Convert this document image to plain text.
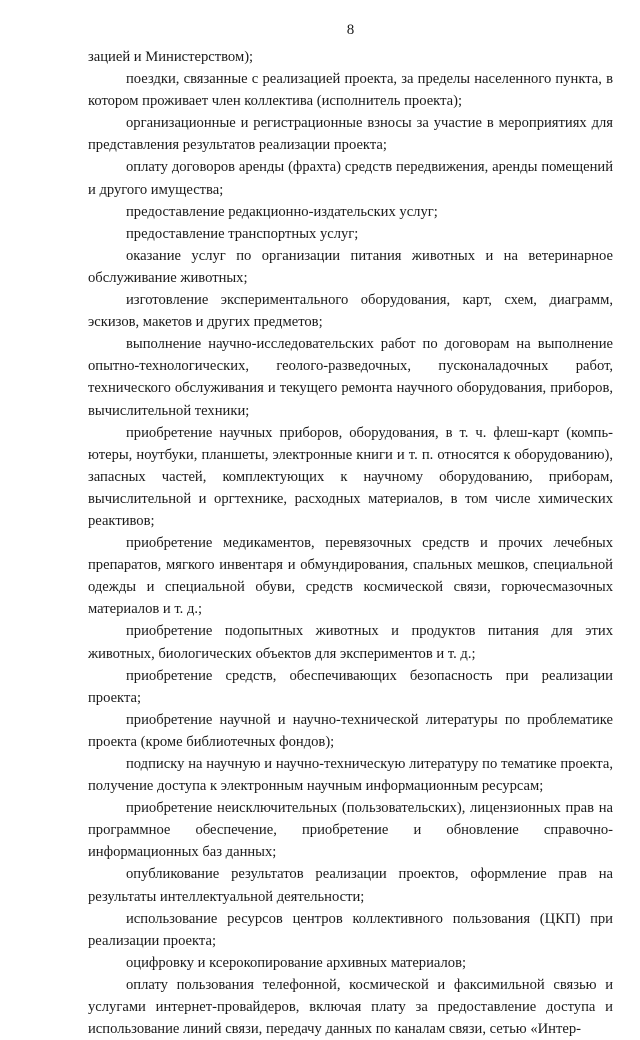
8

зацией и Министерством);

поездки, связанные с реализацией проекта, за пределы населенного пункта, в котором проживает член коллектива (исполнитель проекта);

организационные и регистрационные взносы за участие в мероприятиях для представления результатов реализации проекта;

оплату договоров аренды (фрахта) средств передвижения, аренды помещений и другого имущества;

предоставление редакционно-издательских услуг;

предоставление транспортных услуг;

оказание услуг по организации питания животных и на ветеринарное обслуживание животных;

изготовление экспериментального оборудования, карт, схем, диаграмм, эскизов, макетов и других предметов;

выполнение научно-исследовательских работ по договорам на выполнение опытно-технологических, геолого-разведочных, пусконаладочных работ, технического обслуживания и текущего ремонта научного оборудования, приборов, вычислительной техники;

приобретение научных приборов, оборудования, в т. ч. флеш-карт (компьютеры, ноутбуки, планшеты, электронные книги и т. п. относятся к оборудованию), запасных частей, комплектующих к научному оборудованию, приборам, вычислительной и оргтехнике, расходных материалов, в том числе химических реактивов;

приобретение медикаментов, перевязочных средств и прочих лечебных препаратов, мягкого инвентаря и обмундирования, спальных мешков, специальной одежды и специальной обуви, средств космической связи, горючесмазочных материалов и т. д.;

приобретение подопытных животных и продуктов питания для этих животных, биологических объектов для экспериментов и т. д.;

приобретение средств, обеспечивающих безопасность при реализации проекта;

приобретение научной и научно-технической литературы по проблематике проекта (кроме библиотечных фондов);

подписку на научную и научно-техническую литературу по тематике проекта, получение доступа к электронным научным информационным ресурсам;

приобретение неисключительных (пользовательских), лицензионных прав на программное обеспечение, приобретение и обновление справочно-информационных баз данных;

опубликование результатов реализации проектов, оформление прав на результаты интеллектуальной деятельности;

использование ресурсов центров коллективного пользования (ЦКП) при реализации проекта;

оцифровку и ксерокопирование архивных материалов;

оплату пользования телефонной, космической и факсимильной связью и услугами интернет-провайдеров, включая плату за предоставление доступа и использование линий связи, передачу данных по каналам связи, сетью «Интер-
